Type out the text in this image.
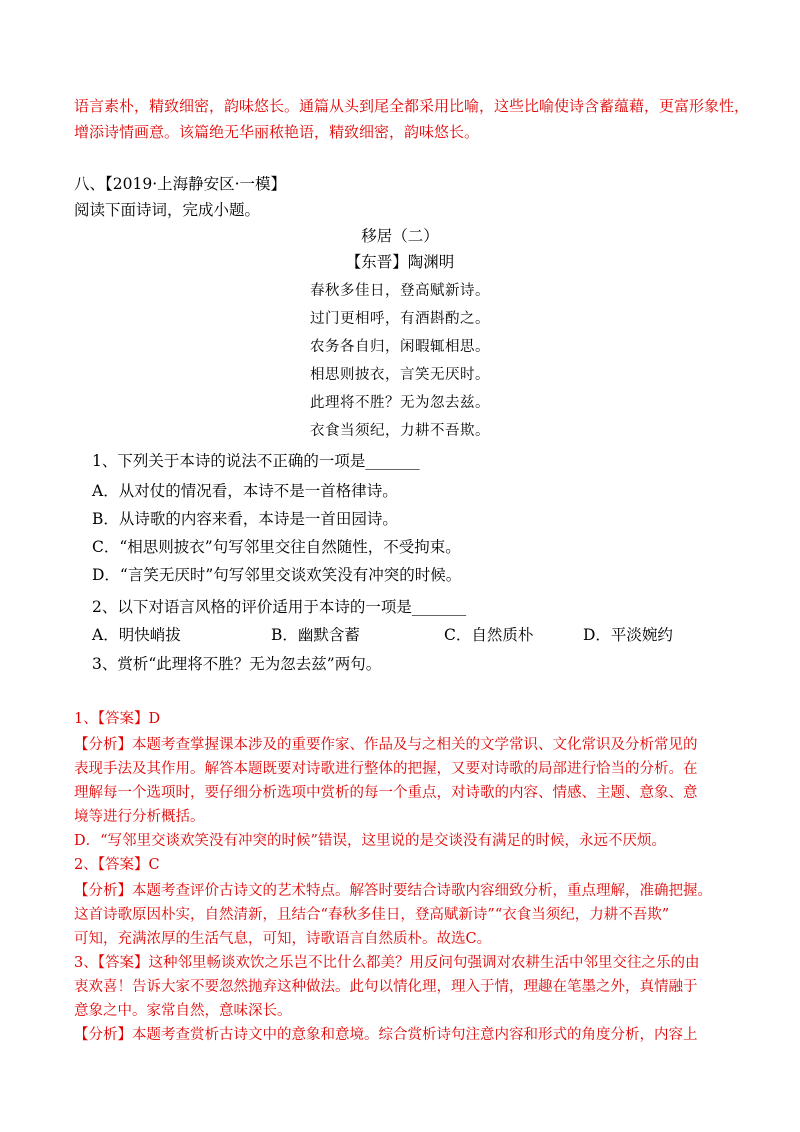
语言素朴，精致细密，韵味悠长。通篇从头到尾全都采用比喻，这些比喻使诗含蓄蕴藉，更富形象性，
增添诗情画意。该篇绝无华丽秾艳语，精致细密，韵味悠长。
八、【2019·上海静安区·一模】
阅读下面诗词，完成小题。
移居（二）
【东晋】陶渊明
春秋多佳日，登高赋新诗。
过门更相呼，有酒斟酌之。
农务各自归，闲暇辄相思。
相思则披衣，言笑无厌时。
此理将不胜？无为忽去兹。
衣食当须纪，力耕不吾欺。
1、下列关于本诗的说法不正确的一项是_______
A．从对仗的情况看，本诗不是一首格律诗。
B．从诗歌的内容来看，本诗是一首田园诗。
C．“相思则披衣”句写邻里交往自然随性，不受拘束。
D．“言笑无厌时”句写邻里交谈欢笑没有冲突的时候。
2、以下对语言风格的评价适用于本诗的一项是_______
A．明快峭拔	B．幽默含蓄	C．自然质朴	D．平淡婉约
3、赏析“此理将不胜？无为忽去兹”两句。
1、【答案】D
【分析】本题考查掌握课本涉及的重要作家、作品及与之相关的文学常识、文化常识及分析常见的
表现手法及其作用。解答本题既要对诗歌进行整体的把握，又要对诗歌的局部进行恰当的分析。在
理解每一个选项时，要仔细分析选项中赏析的每一个重点，对诗歌的内容、情感、主题、意象、意
境等进行分析概括。
D．“写邻里交谈欢笑没有冲突的时候”错误，这里说的是交谈没有满足的时候，永远不厌烦。
2、【答案】C
【分析】本题考查评价古诗文的艺术特点。解答时要结合诗歌内容细致分析，重点理解，准确把握。
这首诗歌原因朴实，自然清新，且结合“春秋多佳日，登高赋新诗”“衣食当须纪，力耕不吾欺”
可知，充满浓厚的生活气息，可知，诗歌语言自然质朴。故选C。
3、【答案】这种邻里畅谈欢饮之乐岂不比什么都美？用反问句强调对农耕生活中邻里交往之乐的由
衷欢喜！告诉大家不要忽然抛弃这种做法。此句以情化理，理入于情，理趣在笔墨之外，真情融于
意象之中。家常自然，意味深长。
【分析】本题考查赏析古诗文中的意象和意境。综合赏析诗句注意内容和形式的角度分析，内容上
